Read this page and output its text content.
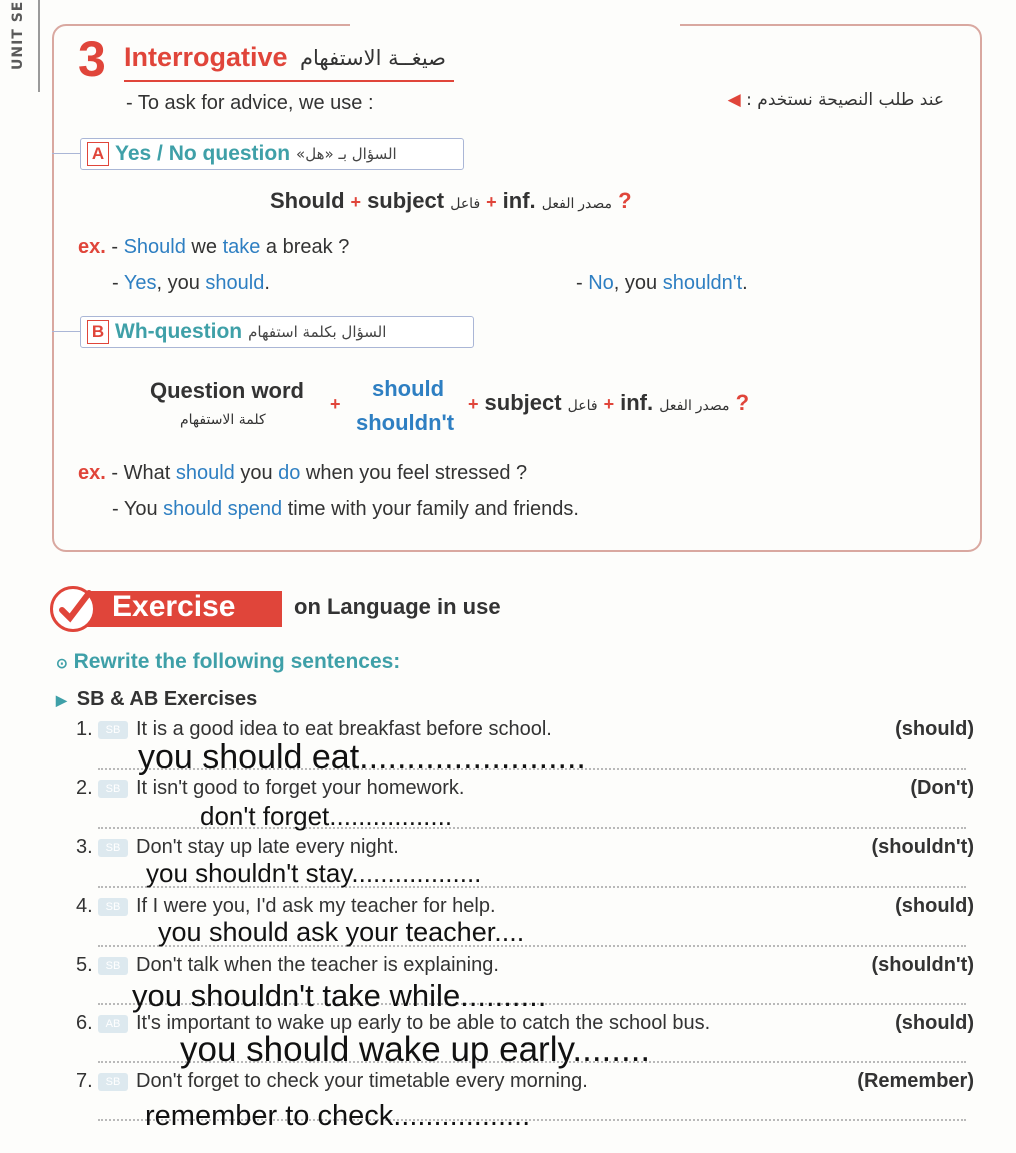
UNIT SE 3 Interrogative صيغــة الاستفهام
- To ask for advice, we use :	عند طلب النصيحة نستخدم : ◀
A Yes / No question السؤال بـ «هل»
Should + subject فاعل + inf. مصدر الفعل ?
ex. - Should we take a break ?
- Yes, you should.	- No, you shouldn't.
B Wh-question السؤال بكلمة استفهام
Question word
كلمة الاستفهام
+
should
shouldn't
+ subject فاعل + inf. مصدر الفعل ?
ex. - What should you do when you feel stressed ?
- You should spend time with your family and friends.
Exercise	on Language in use
⊙ Rewrite the following sentences:
▶ SB & AB Exercises
1.	SB It is a good idea to eat breakfast before school.	(should)
you should eat........................
2.	SB It isn't good to forget your homework.	(Don't)
don't forget.................
3.	SB Don't stay up late every night.	(shouldn't)
you shouldn't stay..................
4.	SB If I were you, I'd ask my teacher for help.	(should)
you should ask your teacher....
5.	SB Don't talk when the teacher is explaining.	(shouldn't)
you shouldn't take while..........
6.	AB It's important to wake up early to be able to catch the school bus.	(should)
you should wake up early........
7.	SB Don't forget to check your timetable every morning.	(Remember)
remember to check.................
